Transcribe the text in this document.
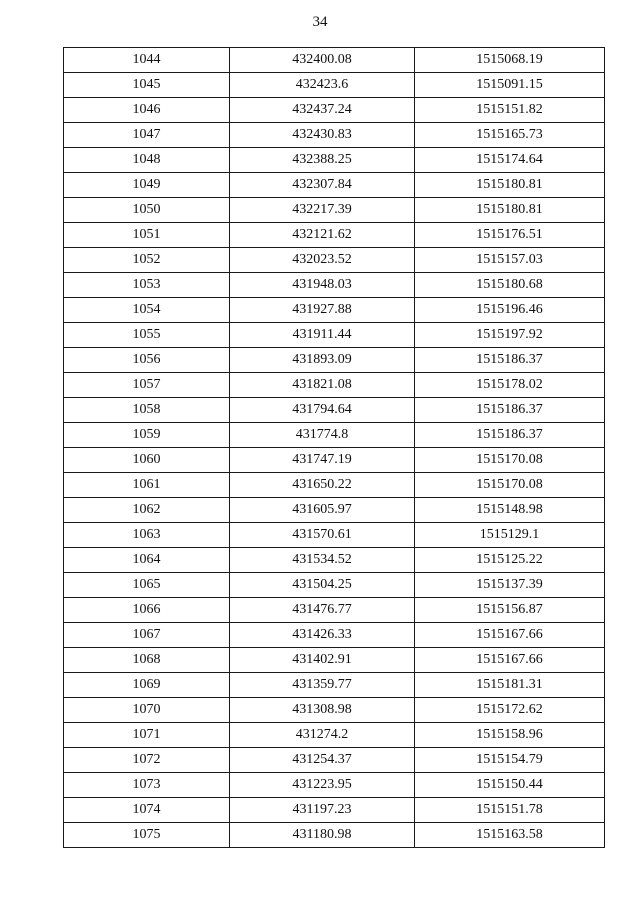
34
1044	432400.08	1515068.19
1045	432423.6	1515091.15
1046	432437.24	1515151.82
1047	432430.83	1515165.73
1048	432388.25	1515174.64
1049	432307.84	1515180.81
1050	432217.39	1515180.81
1051	432121.62	1515176.51
1052	432023.52	1515157.03
1053	431948.03	1515180.68
1054	431927.88	1515196.46
1055	431911.44	1515197.92
1056	431893.09	1515186.37
1057	431821.08	1515178.02
1058	431794.64	1515186.37
1059	431774.8	1515186.37
1060	431747.19	1515170.08
1061	431650.22	1515170.08
1062	431605.97	1515148.98
1063	431570.61	1515129.1
1064	431534.52	1515125.22
1065	431504.25	1515137.39
1066	431476.77	1515156.87
1067	431426.33	1515167.66
1068	431402.91	1515167.66
1069	431359.77	1515181.31
1070	431308.98	1515172.62
1071	431274.2	1515158.96
1072	431254.37	1515154.79
1073	431223.95	1515150.44
1074	431197.23	1515151.78
1075	431180.98	1515163.58
